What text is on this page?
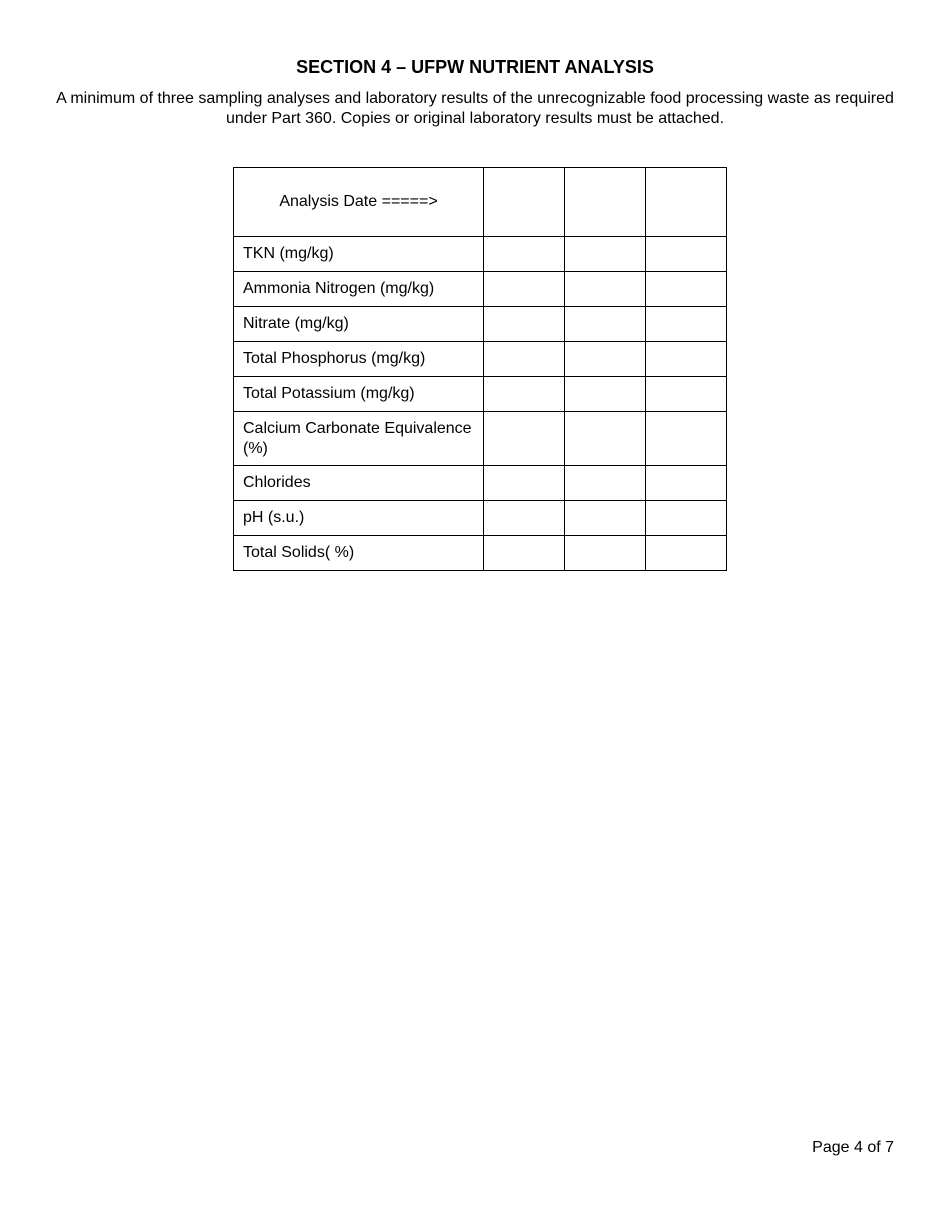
SECTION 4 – UFPW NUTRIENT ANALYSIS
A minimum of three sampling analyses and laboratory results of the unrecognizable food processing waste as required under Part 360. Copies or original laboratory results must be attached.
Analysis Date =====>			
TKN (mg/kg)			
Ammonia Nitrogen (mg/kg)			
Nitrate (mg/kg)			
Total Phosphorus (mg/kg)			
Total Potassium (mg/kg)			
Calcium Carbonate Equivalence (%)			
Chlorides			
pH (s.u.)			
Total Solids( %)			
Page 4 of 7
